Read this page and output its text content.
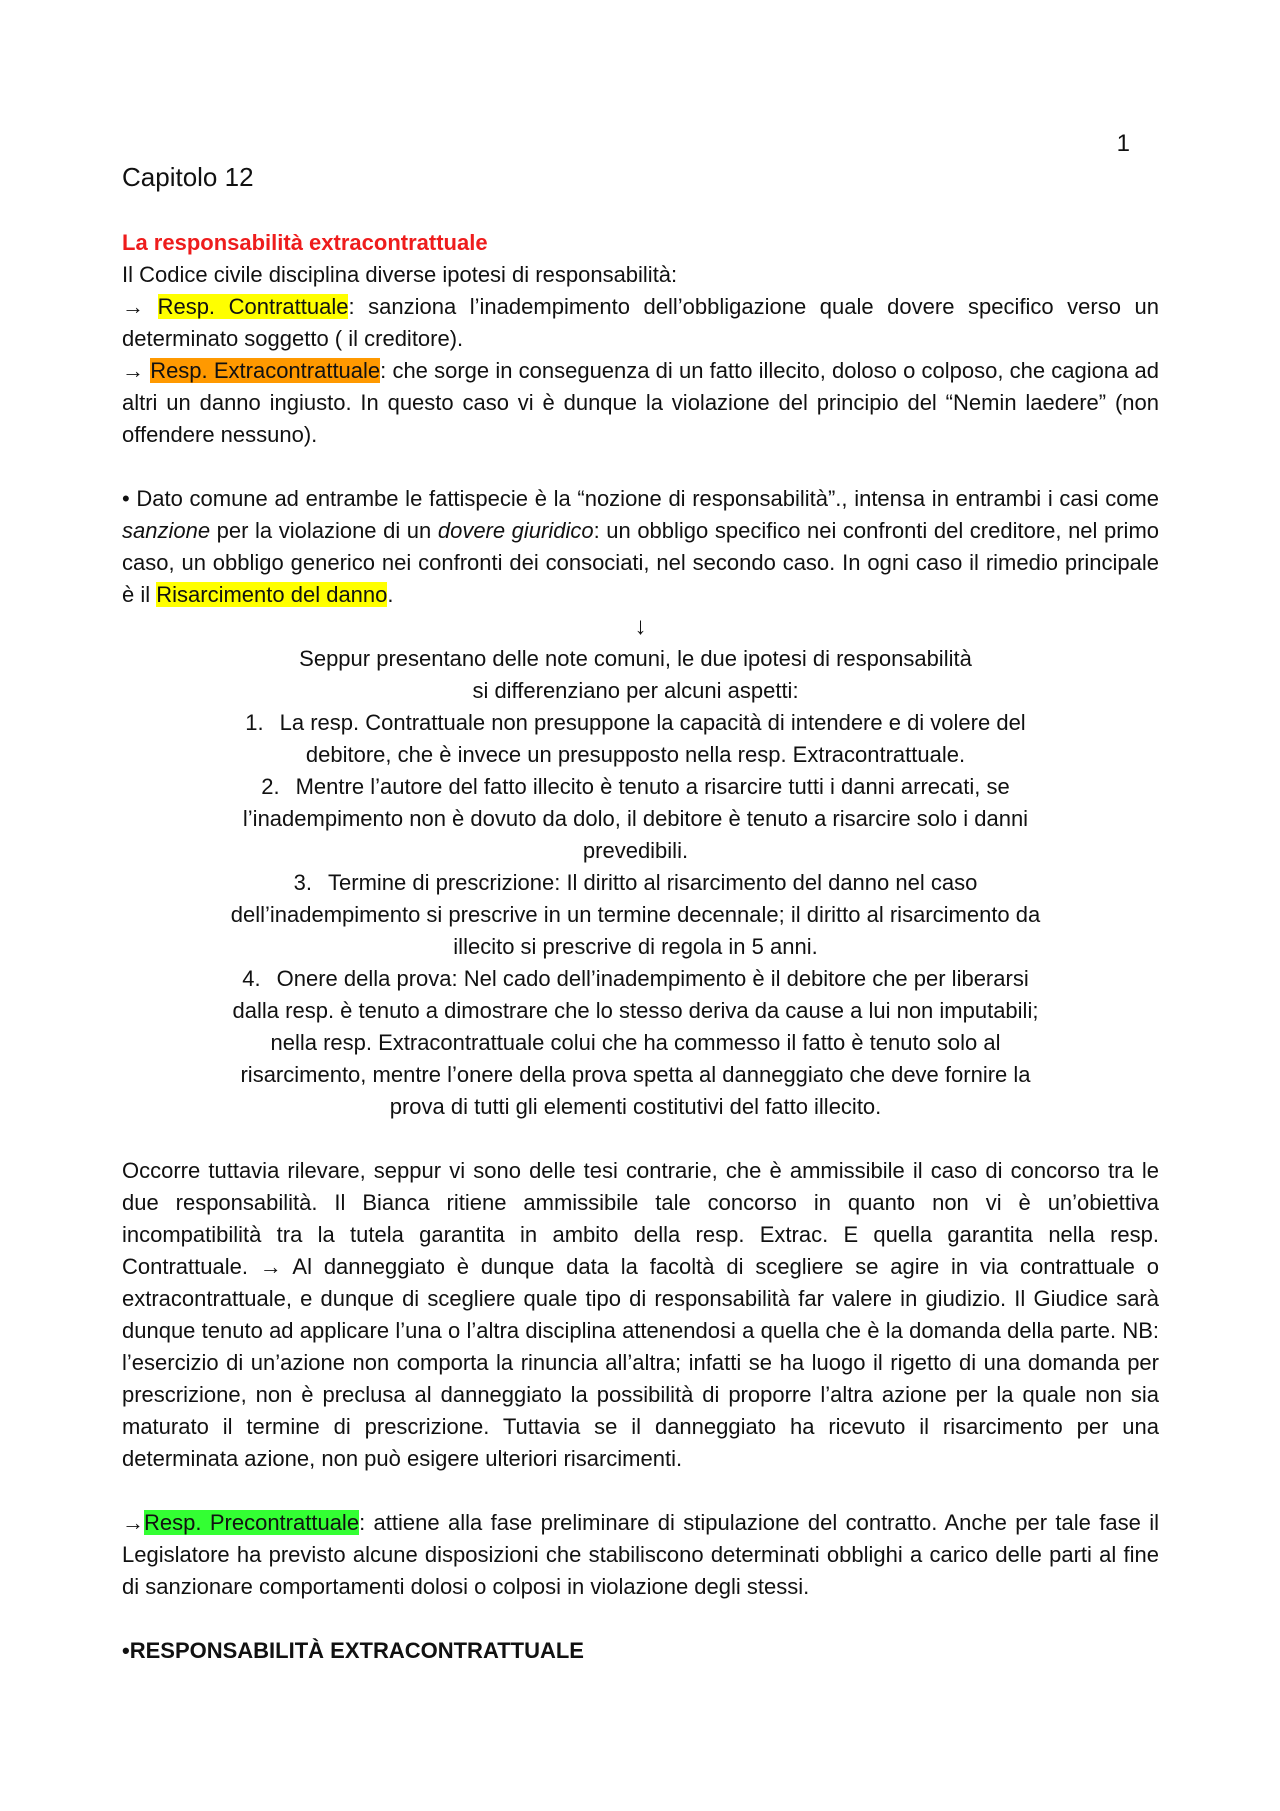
1
Capitolo 12
La responsabilità extracontrattuale

Il Codice civile disciplina diverse ipotesi di responsabilità:

→ Resp. Contrattuale: sanziona l’inadempimento dell’obbligazione quale dovere specifico verso un determinato soggetto ( il creditore).

→ Resp. Extracontrattuale: che sorge in conseguenza di un fatto illecito, doloso o colposo, che cagiona ad altri un danno ingiusto. In questo caso vi è dunque la violazione del principio del “Nemin laedere” (non offendere nessuno).

• Dato comune ad entrambe le fattispecie è la “nozione di responsabilità”., intensa in entrambi i casi come sanzione per la violazione di un dovere giuridico: un obbligo specifico nei confronti del creditore, nel primo caso, un obbligo generico nei confronti dei consociati, nel secondo caso. In ogni caso il rimedio principale è il Risarcimento del danno.

↓
Seppur presentano delle note comuni, le due ipotesi di responsabilità
si differenziano per alcuni aspetti:
1. La resp. Contrattuale non presuppone la capacità di intendere e di volere del debitore, che è invece un presupposto nella resp. Extracontrattuale.
2. Mentre l’autore del fatto illecito è tenuto a risarcire tutti i danni arrecati, se l’inadempimento non è dovuto da dolo, il debitore è tenuto a risarcire solo i danni prevedibili.
3. Termine di prescrizione: Il diritto al risarcimento del danno nel caso dell’inadempimento si prescrive in un termine decennale; il diritto al risarcimento da illecito si prescrive di regola in 5 anni.
4. Onere della prova: Nel cado dell’inadempimento è il debitore che per liberarsi dalla resp. è tenuto a dimostrare che lo stesso deriva da cause a lui non imputabili; nella resp. Extracontrattuale colui che ha commesso il fatto è tenuto solo al risarcimento, mentre l’onere della prova spetta al danneggiato che deve fornire la prova di tutti gli elementi costitutivi del fatto illecito.

Occorre tuttavia rilevare, seppur vi sono delle tesi contrarie, che è ammissibile il caso di concorso tra le due responsabilità. Il Bianca ritiene ammissibile tale concorso in quanto non vi è un’obiettiva incompatibilità tra la tutela garantita in ambito della resp. Extrac. E quella garantita nella resp. Contrattuale. → Al danneggiato è dunque data la facoltà di scegliere se agire in via contrattuale o extracontrattuale, e dunque di scegliere quale tipo di responsabilità far valere in giudizio. Il Giudice sarà dunque tenuto ad applicare l’una o l’altra disciplina attenendosi a quella che è la domanda della parte. NB: l’esercizio di un’azione non comporta la rinuncia all’altra; infatti se ha luogo il rigetto di una domanda per prescrizione, non è preclusa al danneggiato la possibilità di proporre l’altra azione per la quale non sia maturato il termine di prescrizione. Tuttavia se il danneggiato ha ricevuto il risarcimento per una determinata azione, non può esigere ulteriori risarcimenti.

→Resp. Precontrattuale: attiene alla fase preliminare di stipulazione del contratto. Anche per tale fase il Legislatore ha previsto alcune disposizioni che stabiliscono determinati obblighi a carico delle parti al fine di sanzionare comportamenti dolosi o colposi in violazione degli stessi.

•RESPONSABILITÀ EXTRACONTRATTUALE
